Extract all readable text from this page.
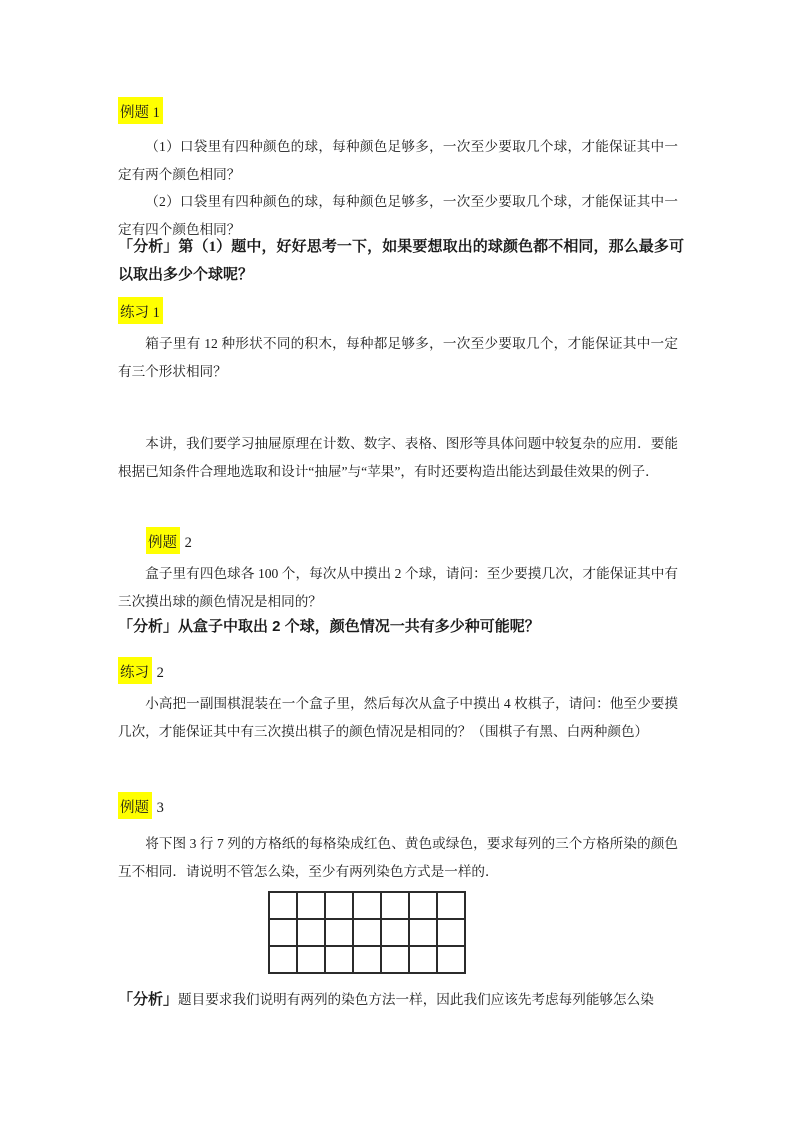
例题 1

（1）口袋里有四种颜色的球，每种颜色足够多，一次至少要取几个球，才能保证其中一定有两个颜色相同？

（2）口袋里有四种颜色的球，每种颜色足够多，一次至少要取几个球，才能保证其中一定有四个颜色相同？

「分析」第（1）题中，好好思考一下，如果要想取出的球颜色都不相同，那么最多可以取出多少个球呢？

练习 1

箱子里有 12 种形状不同的积木，每种都足够多，一次至少要取几个，才能保证其中一定有三个形状相同？

本讲，我们要学习抽屉原理在计数、数字、表格、图形等具体问题中较复杂的应用．要能根据已知条件合理地选取和设计“抽屉”与“苹果”，有时还要构造出能达到最佳效果的例子．

例题 2

盒子里有四色球各 100 个，每次从中摸出 2 个球，请问：至少要摸几次，才能保证其中有三次摸出球的颜色情况是相同的？

「分析」从盒子中取出 2 个球，颜色情况一共有多少种可能呢？

练习 2

小高把一副围棋混装在一个盒子里，然后每次从盒子中摸出 4 枚棋子，请问：他至少要摸几次，才能保证其中有三次摸出棋子的颜色情况是相同的？（围棋子有黑、白两种颜色）

例题 3

将下图 3 行 7 列的方格纸的每格染成红色、黄色或绿色，要求每列的三个方格所染的颜色互不相同．请说明不管怎么染，至少有两列染色方式是一样的．

「分析」题目要求我们说明有两列的染色方法一样，因此我们应该先考虑每列能够怎么染
